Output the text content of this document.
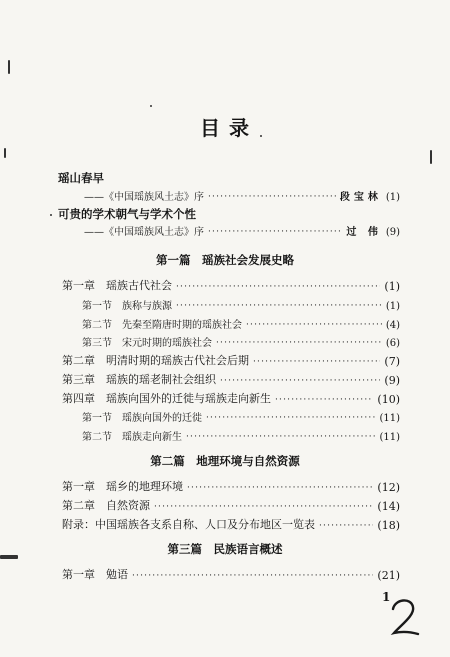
目 录
瑶山春早
——《中国瑶族风土志》序 ·····	段宝林 (1)
可贵的学术朝气与学术个性
——《中国瑶族风土志》序 ·····	过 伟 (9)
第一篇　瑶族社会发展史略
第一章　瑶族古代社会 ·····	(1)
第一节　族称与族源 ·····	(1)
第二节　先秦至隋唐时期的瑶族社会 ·····	(4)
第三节　宋元时期的瑶族社会 ·····	(6)
第二章　明清时期的瑶族古代社会后期 ·····	(7)
第三章　瑶族的瑶老制社会组织 ·····	(9)
第四章　瑶族向国外的迁徙与瑶族走向新生 ·····	(10)
第一节　瑶族向国外的迁徙 ·····	(11)
第二节　瑶族走向新生 ·····	(11)
第二篇　地理环境与自然资源
第一章　瑶乡的地理环境 ·····	(12)
第二章　自然资源 ·····	(14)
附录：中国瑶族各支系自称、人口及分布地区一览表 ·····	(18)
第三篇　民族语言概述
第一章　勉语 ·····	(21)
1
